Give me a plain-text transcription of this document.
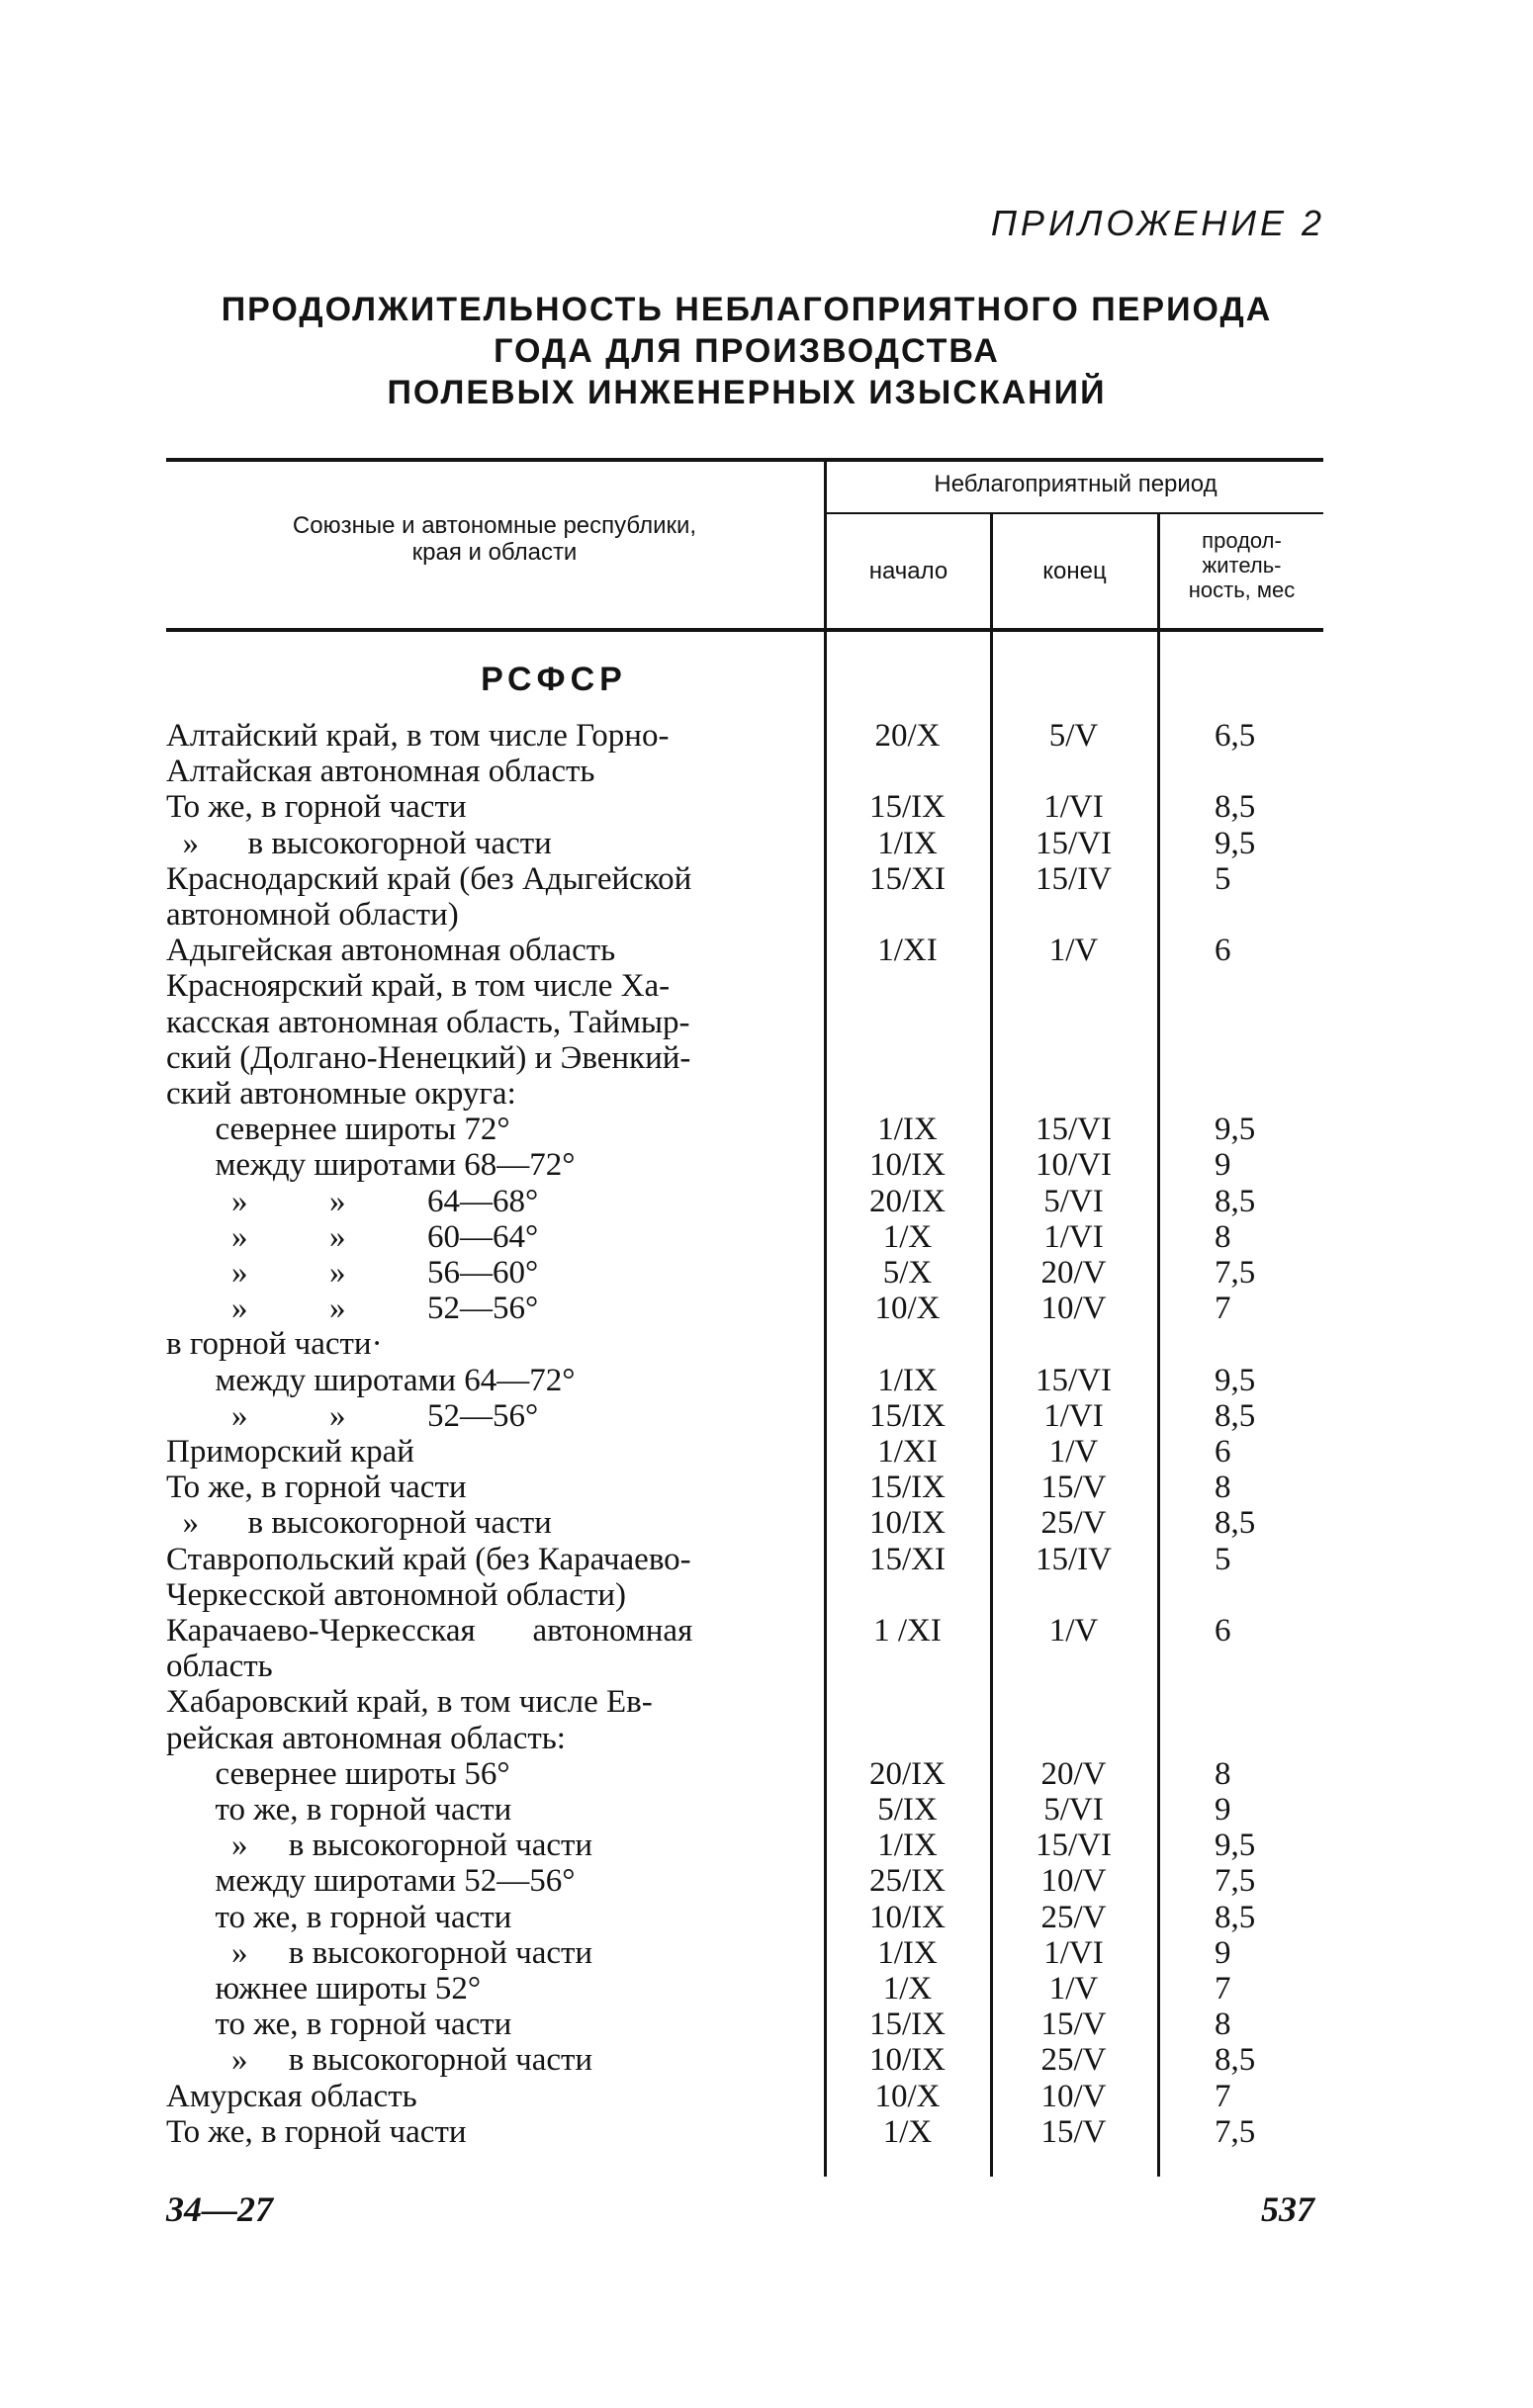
ПРИЛОЖЕНИЕ 2
ПРОДОЛЖИТЕЛЬНОСТЬ НЕБЛАГОПРИЯТНОГО ПЕРИОДА
ГОДА ДЛЯ ПРОИЗВОДСТВА
ПОЛЕВЫХ ИНЖЕНЕРНЫХ ИЗЫСКАНИЙ
Союзные и автономные республики,
края и области
Неблагоприятный период
начало	конец
продол-
житель-
ность, мес
РСФСР
Алтайский край, в том числе Горно-	20/X	5/V	6,5
Алтайская автономная область
То же, в горной части	15/IX	1/VI	8,5
»      в высокогорной части	1/IX	15/VI	9,5
Краснодарский край (без Адыгейской	15/XI	15/IV	5
автономной области)
Адыгейская автономная область	1/XI	1/V	6
Красноярский край, в том числе Ха-
касская автономная область, Таймыр-
ский (Долгано-Ненецкий) и Эвенкий-
ский автономные округа:
севернее широты 72°	1/IX	15/VI	9,5
между широтами 68—72°	10/IX	10/VI	9
»          »          64—68°	20/IX	5/VI	8,5
»          »          60—64°	1/X	1/VI	8
»          »          56—60°	5/X	20/V	7,5
»          »          52—56°	10/X	10/V	7
в горной части·
между широтами 64—72°	1/IX	15/VI	9,5
»          »          52—56°	15/IX	1/VI	8,5
Приморский край	1/XI	1/V	6
То же, в горной части	15/IX	15/V	8
»      в высокогорной части	10/IX	25/V	8,5
Ставропольский край (без Карачаево-	15/XI	15/IV	5
Черкесской автономной области)
Карачаево-Черкесская       автономная	1 /XI	1/V	6
область
Хабаровский край, в том числе Ев-
рейская автономная область:
севернее широты 56°	20/IX	20/V	8
то же, в горной части	5/IX	5/VI	9
»     в высокогорной части	1/IX	15/VI	9,5
между широтами 52—56°	25/IX	10/V	7,5
то же, в горной части	10/IX	25/V	8,5
»     в высокогорной части	1/IX	1/VI	9
южнее широты 52°	1/X	1/V	7
то же, в горной части	15/IX	15/V	8
»     в высокогорной части	10/IX	25/V	8,5
Амурская область	10/X	10/V	7
То же, в горной части	1/X	15/V	7,5
34—27	537
